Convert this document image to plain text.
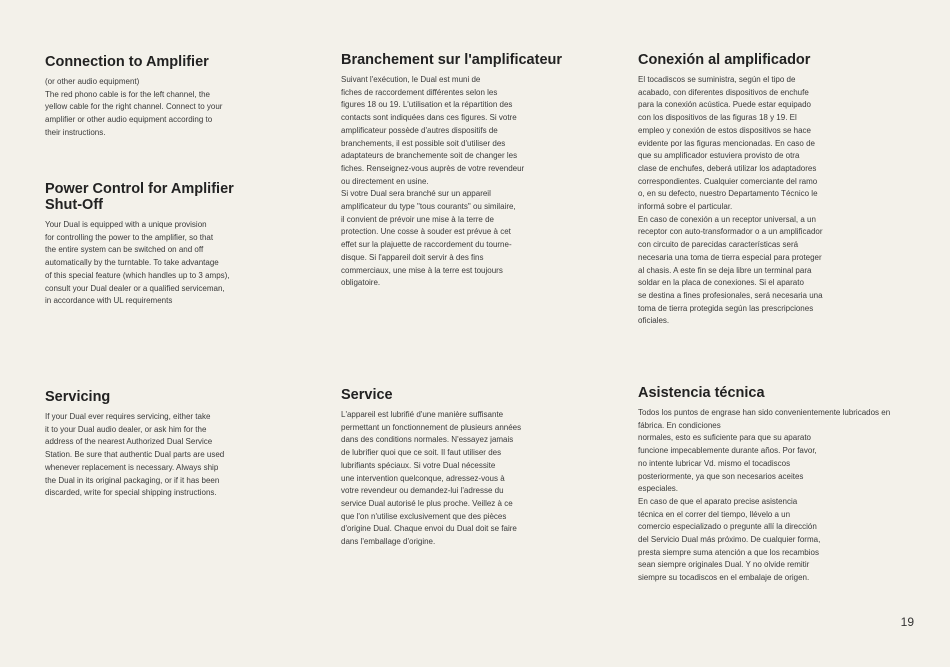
Connection to Amplifier

(or other audio equipment)
The red phono cable is for the left channel, the
yellow cable for the right channel. Connect to your
amplifier or other audio equipment according to
their instructions.

Power Control for Amplifier
Shut-Off

Your Dual is equipped with a unique provision
for controlling the power to the amplifier, so that
the entire system can be switched on and off
automatically by the turntable. To take advantage
of this special feature (which handles up to 3 amps),
consult your Dual dealer or a qualified serviceman,
in accordance with UL requirements

Servicing

If your Dual ever requires servicing, either take
it to your Dual audio dealer, or ask him for the
address of the nearest Authorized Dual Service
Station. Be sure that authentic Dual parts are used
whenever replacement is necessary. Always ship
the Dual in its original packaging, or if it has been
discarded, write for special shipping instructions.

Branchement sur l'amplificateur

Suivant l'exécution, le Dual est muni de
fiches de raccordement différentes selon les
figures 18 ou 19. L'utilisation et la répartition des
contacts sont indiquées dans ces figures. Si votre
amplificateur possède d'autres dispositifs de
branchements, il est possible soit d'utiliser des
adaptateurs de branchemente soit de changer les
fiches. Renseignez-vous auprès de votre revendeur
ou directement en usine.
Si votre Dual sera branché sur un appareil
amplificateur du type "tous courants" ou similaire,
il convient de prévoir une mise à la terre de
protection. Une cosse à souder est prévue à cet
effet sur la plajuette de raccordement du tourne-
disque. Si l'appareil doit servir à des fins
commerciaux, une mise à la terre est toujours
obligatoire.

Service

L'appareil est lubrifié d'une manière suffisante
permettant un fonctionnement de plusieurs années
dans des conditions normales. N'essayez jamais
de lubrifier quoi que ce soit. Il faut utiliser des
lubrifiants spéciaux. Si votre Dual nécessite
une intervention quelconque, adressez-vous à
votre revendeur ou demandez-lui l'adresse du
service Dual autorisé le plus proche. Veillez à ce
que l'on n'utilise exclusivement que des pièces
d'origine Dual. Chaque envoi du Dual doit se faire
dans l'emballage d'origine.

Conexión al amplificador

El tocadiscos se suministra, según el tipo de
acabado, con diferentes dispositivos de enchufe
para la conexión acústica. Puede estar equipado
con los dispositivos de las figuras 18 y 19. El
empleo y conexión de estos dispositivos se hace
evidente por las figuras mencionadas. En caso de
que su amplificador estuviera provisto de otra
clase de enchufes, deberá utilizar los adaptadores
correspondientes. Cualquier comerciante del ramo
o, en su defecto, nuestro Departamento Técnico le
informá sobre el particular.
En caso de conexión a un receptor universal, a un
receptor con auto-transformador o a un amplificador
con circuito de parecidas características será
necesaria una toma de tierra especial para proteger
al chasis. A este fin se deja libre un terminal para
soldar en la placa de conexiones. Si el aparato
se destina a fines profesionales, será necesaria una
toma de tierra protegida según las prescripciones
oficiales.

Asistencia técnica

Todos los puntos de engrase han sido convenientemente lubricados en fábrica. En condiciones
normales, esto es suficiente para que su aparato
funcione impecablemente durante años. Por favor,
no intente lubricar Vd. mismo el tocadiscos
posteriormente, ya que son necesarios aceites
especiales.
En caso de que el aparato precise asistencia
técnica en el correr del tiempo, llévelo a un
comercio especializado o pregunte allí la dirección
del Servicio Dual más próximo. De cualquier forma,
presta siempre suma atención a que los recambios
sean siempre originales Dual. Y no olvide remitir
siempre su tocadiscos en el embalaje de origen.

19
